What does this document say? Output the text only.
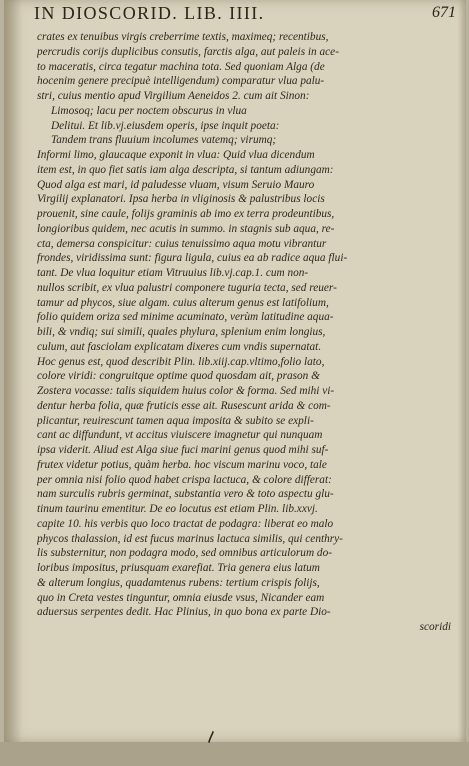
IN DIOSCORID. LIB. IIII.	671
crates ex tenuibus virgis creberrime textis, maximeq; recentibus,
percrudis corijs duplicibus consutis, farctis alga, aut paleis in ace-
to maceratis, circa tegatur machina tota. Sed quoniam Alga (de
hocenim genere precipuè intelligendum) comparatur vlua palu-
stri, cuius mentio apud Virgilium Aeneidos 2. cum ait Sinon:
Limosoq; lacu per noctem obscurus in vlua
Delitui. Et lib.vj.eiusdem operis, ipse inquit poeta:
Tandem trans fluuium incolumes vatemq; virumq;
Informi limo, glaucaque exponit in vlua: Quid vlua dicendum
item est, in quo fiet satis iam alga descripta, si tantum adiungam:
Quod alga est mari, id paludesse vluam, visum Seruio Mauro
Virgilij explanatori. Ipsa herba in vliginosis & palustribus locis
prouenit, sine caule, folijs graminis ab imo ex terra prodeuntibus,
longioribus quidem, nec acutis in summo. in stagnis sub aqua, re-
cta, demersa conspicitur: cuius tenuissimo aqua motu vibrantur
frondes, viridissima sunt: figura ligula, cuius ea ab radice aqua flui-
tant. De vlua loquitur etiam Vitruuius lib.vj.cap.1. cum non-
nullos scribit, ex vlua palustri componere tuguria tecta, sed reuer-
tamur ad phycos, siue algam. cuius alterum genus est latifolium,
folio quidem oriza sed minime acuminato, verùm latitudine aqua-
bili, & vndiq; sui simili, quales phylura, splenium enim longius,
culum, aut fasciolam explicatam dixeres cum vndis supernatat.
Hoc genus est, quod describit Plin. lib.xiij.cap.vltimo,folio lato,
colore viridi: congruitque optime quod quosdam ait, prason &
Zostera vocasse: talis siquidem huius color & forma. Sed mihi vi-
dentur herba folia, quæ fruticis esse ait. Rusescunt arida & com-
plicantur, reuirescunt tamen aqua imposita & subito se expli-
cant ac diffundunt, vt accitus viuiscere imagnetur qui nunquam
ipsa viderit. Aliud est Alga siue fuci marini genus quod mihi suf-
frutex videtur potius, quàm herba. hoc viscum marinu voco, tale
per omnia nisi folio quod habet crispa lactuca, & colore differat:
nam surculis rubris germinat, substantia vero & toto aspectu glu-
tinum taurinu ementitur. De eo locutus est etiam Plin. lib.xxvj.
capite 10. his verbis quo loco tractat de podagra: liberat eo malo
phycos thalassion, id est fucus marinus lactuca similis, qui centhry-
lis substernitur, non podagra modo, sed omnibus articulorum do-
loribus impositus, priusquam exarefiat. Tria genera eius latum
& alterum longius, quadamtenus rubens: tertium crispis folijs,
quo in Creta vestes tinguntur, omnia eiusde vsus, Nicander eam
aduersus serpentes dedit. Hac Plinius, in quo bona ex parte Dio-
scoridi
